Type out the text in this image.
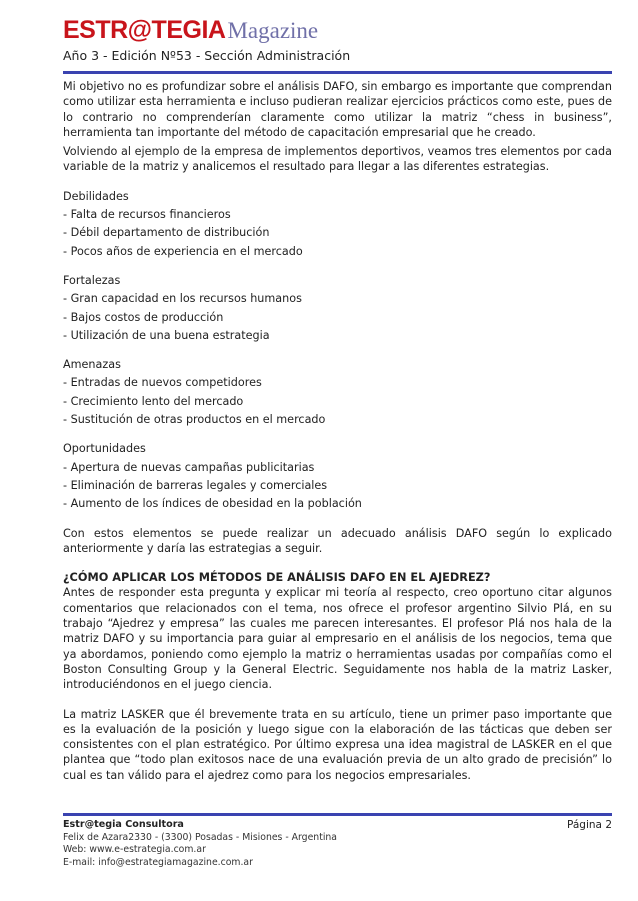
ESTR@TEGIAMagazine
Año 3 - Edición Nº53 - Sección Administración

Mi objetivo no es profundizar sobre el análisis DAFO, sin embargo es importante que comprendan como utilizar esta herramienta e incluso pudieran realizar ejercicios prácticos como este, pues de lo contrario no comprenderían claramente como utilizar la matriz “chess in business”, herramienta tan importante del método de capacitación empresarial que he creado.

Volviendo al ejemplo de la empresa de implementos deportivos, veamos tres elementos por cada variable de la matriz y analicemos el resultado para llegar a las diferentes estrategias.

Debilidades

- Falta de recursos financieros

- Débil departamento de distribución

- Pocos años de experiencia en el mercado

Fortalezas

- Gran capacidad en los recursos humanos

- Bajos costos de producción

- Utilización de una buena estrategia

Amenazas

- Entradas de nuevos competidores

- Crecimiento lento del mercado

- Sustitución de otras productos en el mercado

Oportunidades

- Apertura de nuevas campañas publicitarias

- Eliminación de barreras legales y comerciales

- Aumento de los índices de obesidad en la población

Con estos elementos se puede realizar un adecuado análisis DAFO según lo explicado anteriormente y daría las estrategias a seguir.

¿CÓMO APLICAR LOS MÉTODOS DE ANÁLISIS DAFO EN EL AJEDREZ?

Antes de responder esta pregunta y explicar mi teoría al respecto, creo oportuno citar algunos comentarios que relacionados con el tema, nos ofrece el profesor argentino Silvio Plá, en su trabajo “Ajedrez y empresa” las cuales me parecen interesantes. El profesor Plá nos hala de la matriz DAFO y su importancia para guiar al empresario en el análisis de los negocios, tema que ya abordamos, poniendo como ejemplo la matriz o herramientas usadas por compañías como el Boston Consulting Group y la General Electric. Seguidamente nos habla de la matriz Lasker, introduciéndonos en el juego ciencia.

La matriz LASKER que él brevemente trata en su artículo, tiene un primer paso importante que es la evaluación de la posición y luego sigue con la elaboración de las tácticas que deben ser consistentes con el plan estratégico. Por último expresa una idea magistral de LASKER en el que plantea que “todo plan exitosos nace de una evaluación previa de un alto grado de precisión” lo cual es tan válido para el ajedrez como para los negocios empresariales.

Estr@tegia Consultora
Felix de Azara2330 - (3300) Posadas - Misiones - Argentina
Web: www.e-estrategia.com.ar
E-mail: info@estrategiamagazine.com.ar
Página 2
